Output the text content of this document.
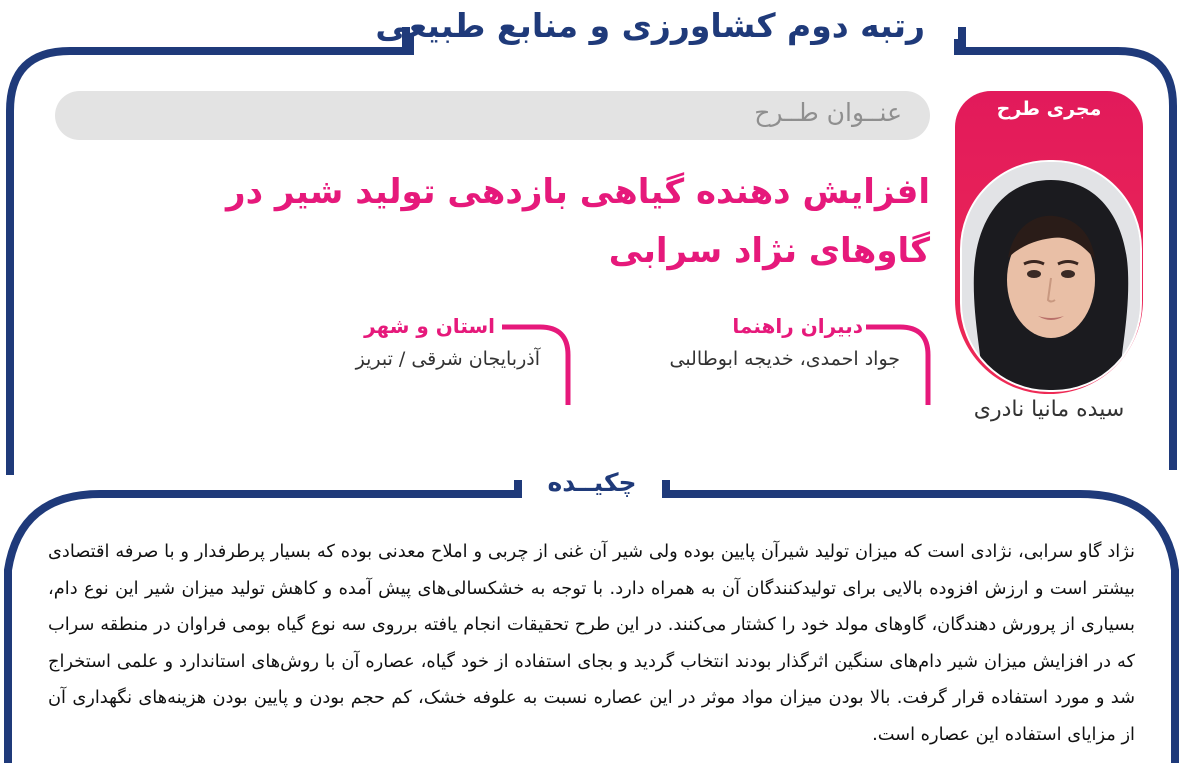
رتبه دوم کشاورزی و منابع طبیعی
عنــوان طــرح
افزایش دهنده گیاهی بازدهی تولید شیر در گاوهای نژاد سرابی
مجری طرح
سیده مانیا نادری
دبیران راهنما
جواد احمدی، خدیجه ابوطالبی
استان و شهر
آذربایجان شرقی / تبریز
چکیــده
نژاد گاو سرابی، نژادی است که میزان تولید شیرآن پایین بوده ولی شیر آن غنی از چربی و املاح معدنی بوده که بسیار پرطرفدار و با صرفه اقتصادی بیشتر است و ارزش افزوده بالایی برای تولیدکنندگان آن به همراه دارد. با توجه به خشکسالی‌های پیش آمده و کاهش تولید میزان شیر این نوع دام، بسیاری از پرورش دهندگان، گاوهای مولد خود را کشتار می‌کنند. در این طرح تحقیقات انجام یافته برروی سه نوع گیاه بومی فراوان در منطقه سراب که در افزایش میزان شیر دام‌های سنگین اثرگذار بودند انتخاب گردید و بجای استفاده از خود گیاه، عصاره آن با روش‌های استاندارد و علمی استخراج شد و مورد استفاده قرار گرفت. بالا بودن میزان مواد موثر در این عصاره نسبت به علوفه خشک، کم حجم بودن و پایین بودن هزینه‌های نگهداری آن از مزایای استفاده این عصاره است.
